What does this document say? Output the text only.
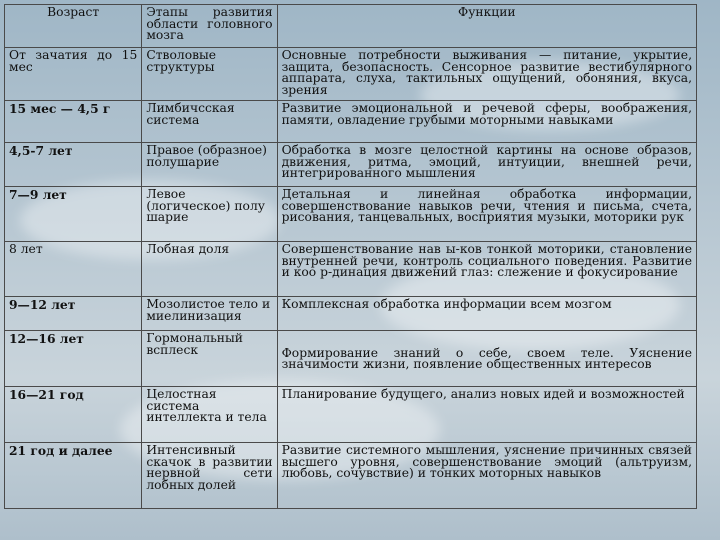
Возраст	Этапы развития области головного мозга	Функции
От зачатия до 15 мес	Стволовые структуры	Основные потребности выживания — питание, укрытие, защита, безопасность. Сенсорное развитие вестибулярного аппарата, слуха, тактильных ощущений, обоняния, вкуса, зрения
15 мес — 4,5 г	Лимбичсская система	Развитие эмоциональной и речевой сферы, воображения, памяти, овладение грубыми моторными навыками
4,5-7 лет	Правое (образное) полушарие	Обработка в мозге целостной картины на основе образов, движения, ритма, эмоций, интуиции, внешней речи, интегрированного мышления
7—9 лет	Левое (логическое) полу шарие	Детальная и линейная обработка информации, совершенствование навыков речи, чтения и письма, счета, рисования, танцевальных, восприятия музыки, моторики рук
8 лет	Лобная доля	Совершенствование нав ы-ков тонкой моторики, становление внутренней речи, контроль социального поведения. Развитие и коо р-динация движений глаз: слежение и фокусирование
9—12 лет	Мозолистое тело и миелинизация	Комплексная обработка информации всем мозгом
12—16 лет	Гормональный всплеск	Формирование знаний о себе, своем теле. Уяснение значимости жизни, появление общественных интересов
16—21 год	Целостная система интеллекта и тела	Планирование будущего, анализ новых идей и возможностей
21 год и далее	Интенсивный скачок в развитии нервной сети лобных долей	Развитие системного мышления, уяснение причинных связей высшего уровня, совершенствование эмоций (альтруизм, любовь, сочувствие) и тонких моторных навыков
